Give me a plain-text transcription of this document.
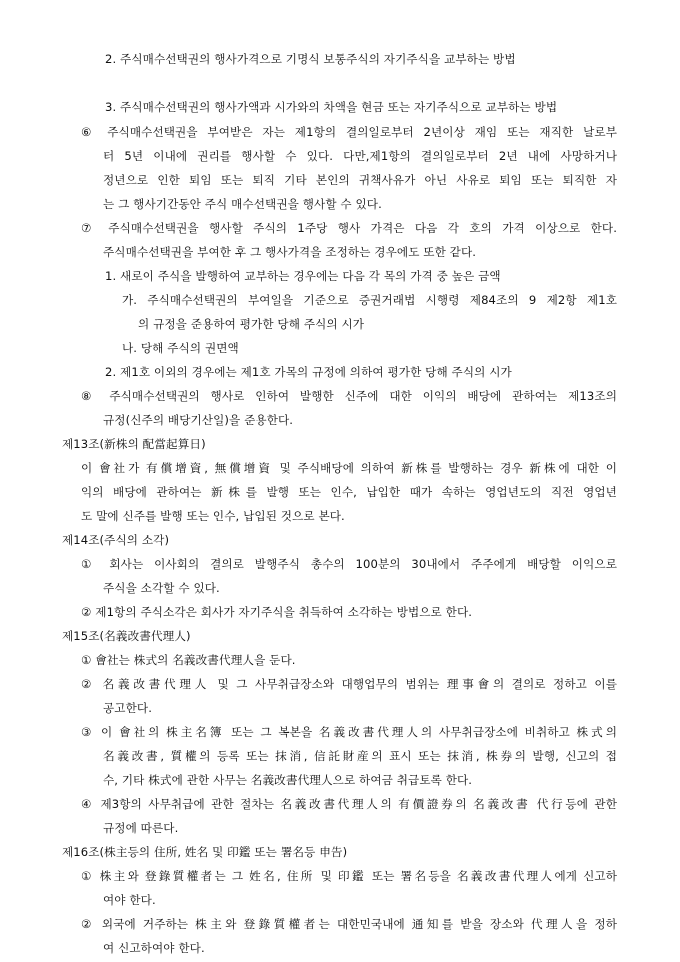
2. 주식매수선택권의 행사가격으로 기명식 보통주식의 자기주식을 교부하는 방법
3. 주식매수선택권의 행사가액과 시가와의 차액을 현금 또는 자기주식으로 교부하는 방법
⑥ 주식매수선택권을 부여받은 자는 제1항의 결의일로부터 2년이상 재임 또는 재직한 날로부
터 5년 이내에 권리를 행사할 수 있다. 다만,제1항의 결의일로부터 2년 내에 사망하거나
정년으로 인한 퇴임 또는 퇴직 기타 본인의 귀책사유가 아닌 사유로 퇴임 또는 퇴직한 자
는 그 행사기간동안 주식 매수선택권을 행사할 수 있다.
⑦ 주식매수선택권을 행사할 주식의 1주당 행사 가격은 다음 각 호의 가격 이상으로 한다.
주식매수선택권을 부여한 후 그 행사가격을 조정하는 경우에도 또한 같다.
1. 새로이 주식을 발행하여 교부하는 경우에는 다음 각 목의 가격 중 높은 금액
가. 주식매수선택권의 부여일을 기준으로 증권거래법 시행령 제84조의 9 제2항 제1호
의 규정을 준용하여 평가한 당해 주식의 시가
나. 당해 주식의 권면액
2. 제1호 이외의 경우에는 제1호 가목의 규정에 의하여 평가한 당해 주식의 시가
⑧ 주식매수선택권의 행사로 인하여 발행한 신주에 대한 이익의 배당에 관하여는 제13조의
규정(신주의 배당기산일)을 준용한다.
제13조(新株의 配當起算日)
이 會社가 有償增資, 無償增資 및 주식배당에 의하여 新株를 발행하는 경우 新株에 대한 이
익의 배당에 관하여는 新株를 발행 또는 인수, 납입한 때가 속하는 영업년도의 직전 영업년
도 말에 신주를 발행 또는 인수, 납입된 것으로 본다.
제14조(주식의 소각)
① 회사는 이사회의 결의로 발행주식 총수의 100분의 30내에서 주주에게 배당할 이익으로
주식을 소각할 수 있다.
② 제1항의 주식소각은 회사가 자기주식을 취득하여 소각하는 방법으로 한다.
제15조(名義改書代理人)
① 會社는 株式의 名義改書代理人을 둔다.
② 名義改書代理人 및 그 사무취급장소와 대행업무의 범위는 理事會의 결의로 정하고 이를
공고한다.
③ 이 會社의 株主名簿 또는 그 복본을 名義改書代理人의 사무취급장소에 비취하고 株式의
名義改書, 質權의 등록 또는 抹消, 信託財産의 표시 또는 抹消, 株券의 발행, 신고의 접
수, 기타 株式에 관한 사무는 名義改書代理人으로 하여금 취급토록 한다.
④ 제3항의 사무취급에 관한 절차는 名義改書代理人의 有價證券의 名義改書 代行등에 관한
규정에 따른다.
제16조(株主등의 住所, 姓名 및 印鑑 또는 署名등 申告)
① 株主와 登錄質權者는 그 姓名, 住所 및 印鑑 또는 署名등을 名義改書代理人에게 신고하
여야 한다.
② 외국에 거주하는 株主와 登錄質權者는 대한민국내에 通知를 받을 장소와 代理人을 정하
여 신고하여야 한다.
